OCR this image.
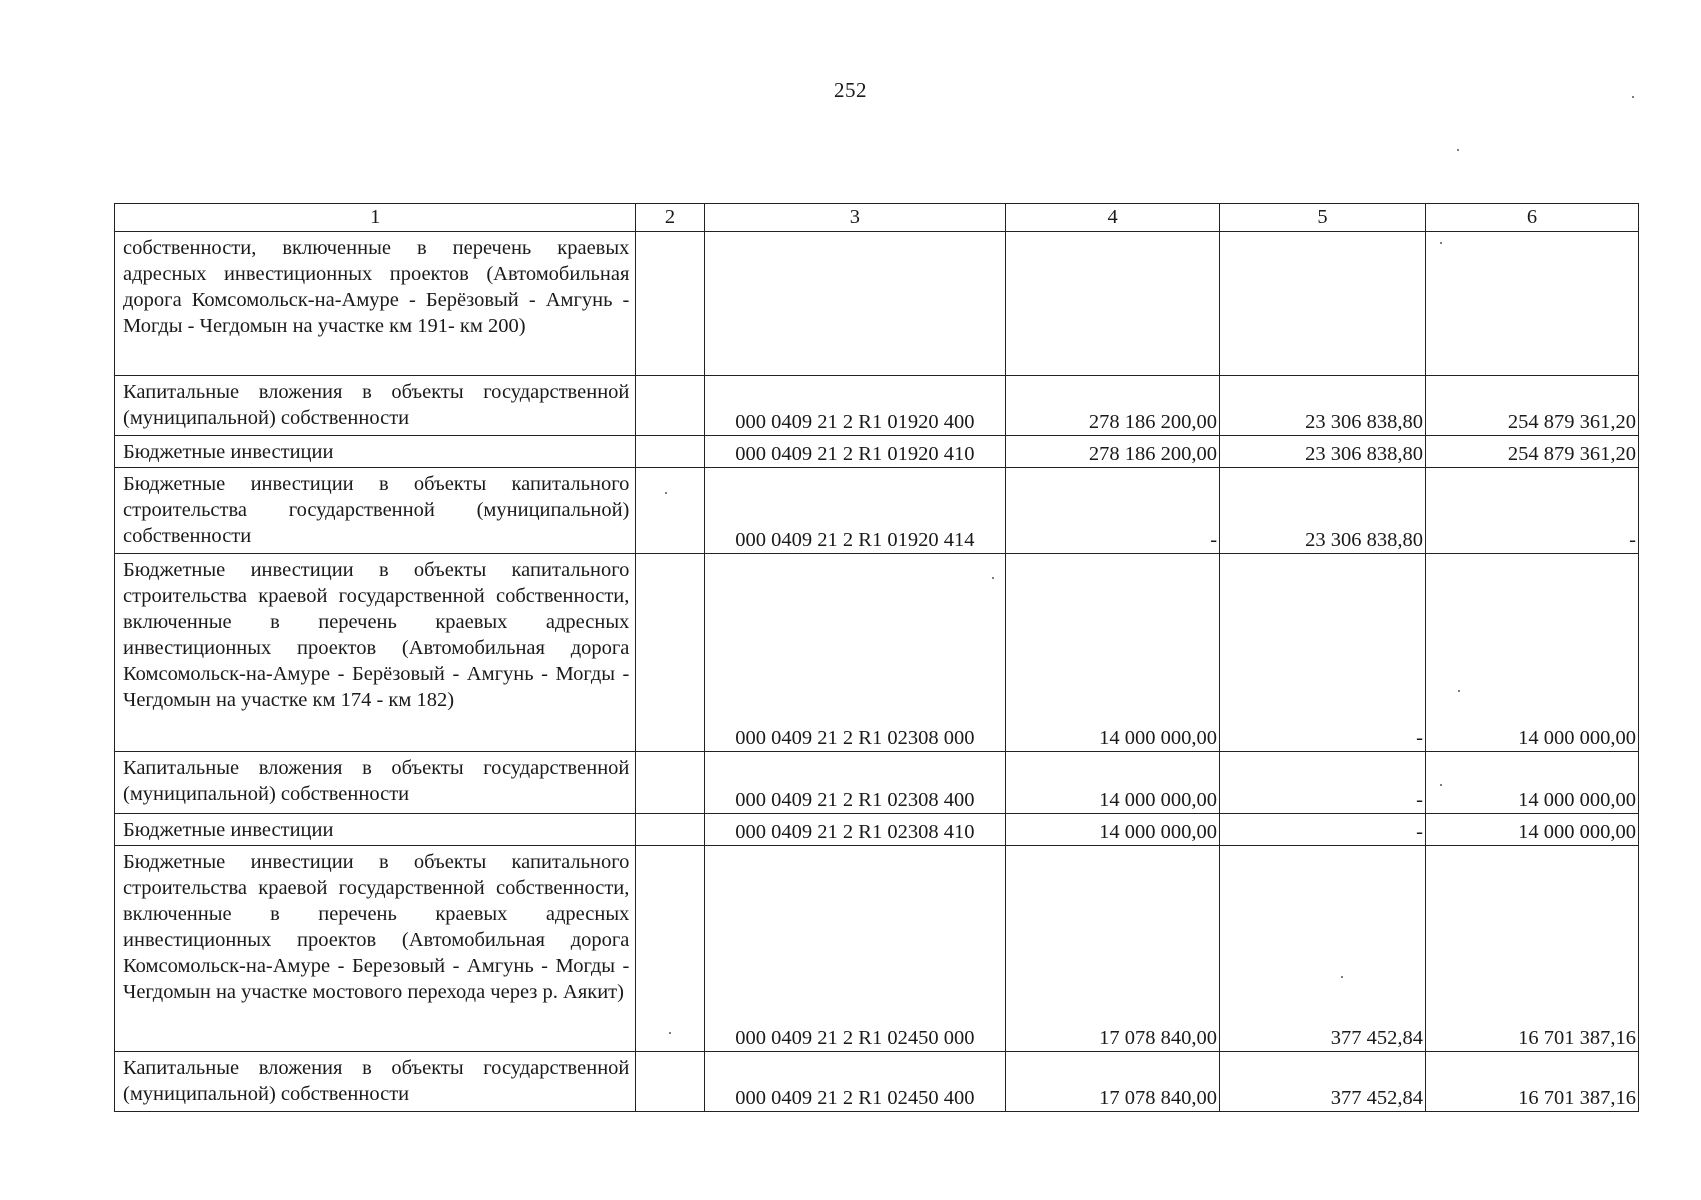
252
1	2	3	4	5	6
собственности, включенные в перечень краевых адресных инвестиционных проектов (Автомобильная дорога Комсомольск-на-Амуре - Берёзовый - Амгунь - Могды - Чегдомын на участке км 191- км 200)					
Капитальные вложения в объекты государственной (муниципальной) собственности		000 0409 21 2 R1 01920 400	278 186 200,00	23 306 838,80	254 879 361,20
Бюджетные инвестиции		000 0409 21 2 R1 01920 410	278 186 200,00	23 306 838,80	254 879 361,20
Бюджетные инвестиции в объекты капитального строительства государственной (муниципальной) собственности		000 0409 21 2 R1 01920 414	-	23 306 838,80	-
Бюджетные инвестиции в объекты капитального строительства краевой государственной собственности, включенные в перечень краевых адресных инвестиционных проектов (Автомобильная дорога Комсомольск-на-Амуре - Берёзовый - Амгунь - Могды - Чегдомын на участке км 174 - км 182)		000 0409 21 2 R1 02308 000	14 000 000,00	-	14 000 000,00
Капитальные вложения в объекты государственной (муниципальной) собственности		000 0409 21 2 R1 02308 400	14 000 000,00	-	14 000 000,00
Бюджетные инвестиции		000 0409 21 2 R1 02308 410	14 000 000,00	-	14 000 000,00
Бюджетные инвестиции в объекты капитального строительства краевой государственной собственности, включенные в перечень краевых адресных инвестиционных проектов (Автомобильная дорога Комсомольск-на-Амуре - Березовый - Амгунь - Могды - Чегдомын на участке мостового перехода через р. Аякит)		000 0409 21 2 R1 02450 000	17 078 840,00	377 452,84	16 701 387,16
Капитальные вложения в объекты государственной (муниципальной) собственности		000 0409 21 2 R1 02450 400	17 078 840,00	377 452,84	16 701 387,16
